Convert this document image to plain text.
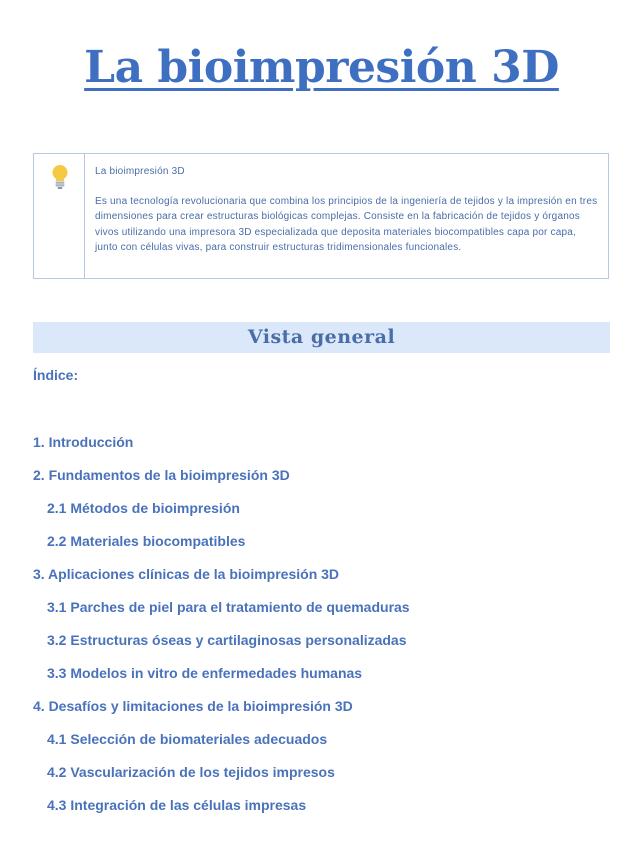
La bioimpresión 3D
La bioimpresión 3D

Es una tecnología revolucionaria que combina los principios de la ingeniería de tejidos y la impresión en tres dimensiones para crear estructuras biológicas complejas. Consiste en la fabricación de tejidos y órganos vivos utilizando una impresora 3D especializada que deposita materiales biocompatibles capa por capa, junto con células vivas, para construir estructuras tridimensionales funcionales.

Vista general
Índice:
1. Introducción
2. Fundamentos de la bioimpresión 3D
2.1 Métodos de bioimpresión
2.2 Materiales biocompatibles
3. Aplicaciones clínicas de la bioimpresión 3D
3.1 Parches de piel para el tratamiento de quemaduras
3.2 Estructuras óseas y cartilaginosas personalizadas
3.3 Modelos in vitro de enfermedades humanas
4. Desafíos y limitaciones de la bioimpresión 3D
4.1 Selección de biomateriales adecuados
4.2 Vascularización de los tejidos impresos
4.3 Integración de las células impresas
